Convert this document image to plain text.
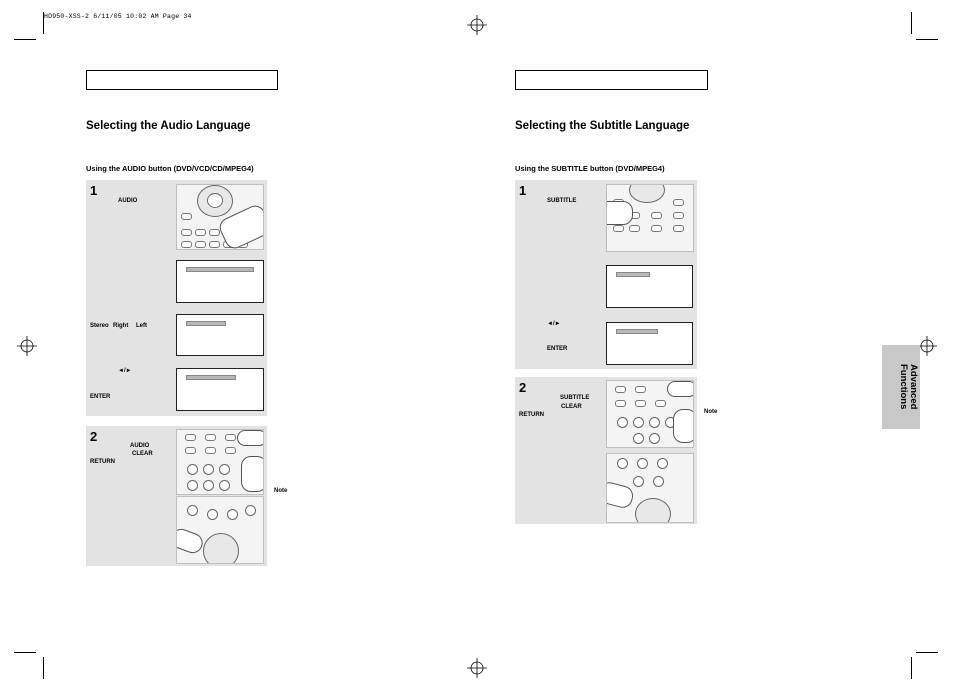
HD950-XSS-2 6/11/05 10:02 AM Page 34
Selecting the Audio Language
Using the AUDIO button (DVD/VCD/CD/MPEG4)
1
AUDIO
Stereo Right Left
◄/►
ENTER
2
AUDIO
CLEAR
RETURN
Note
Selecting the Subtitle Language
Using the SUBTITLE button (DVD/MPEG4)
1
SUBTITLE
◄/►
ENTER
2
SUBTITLE
CLEAR
RETURN	Note
Advanced Functions
